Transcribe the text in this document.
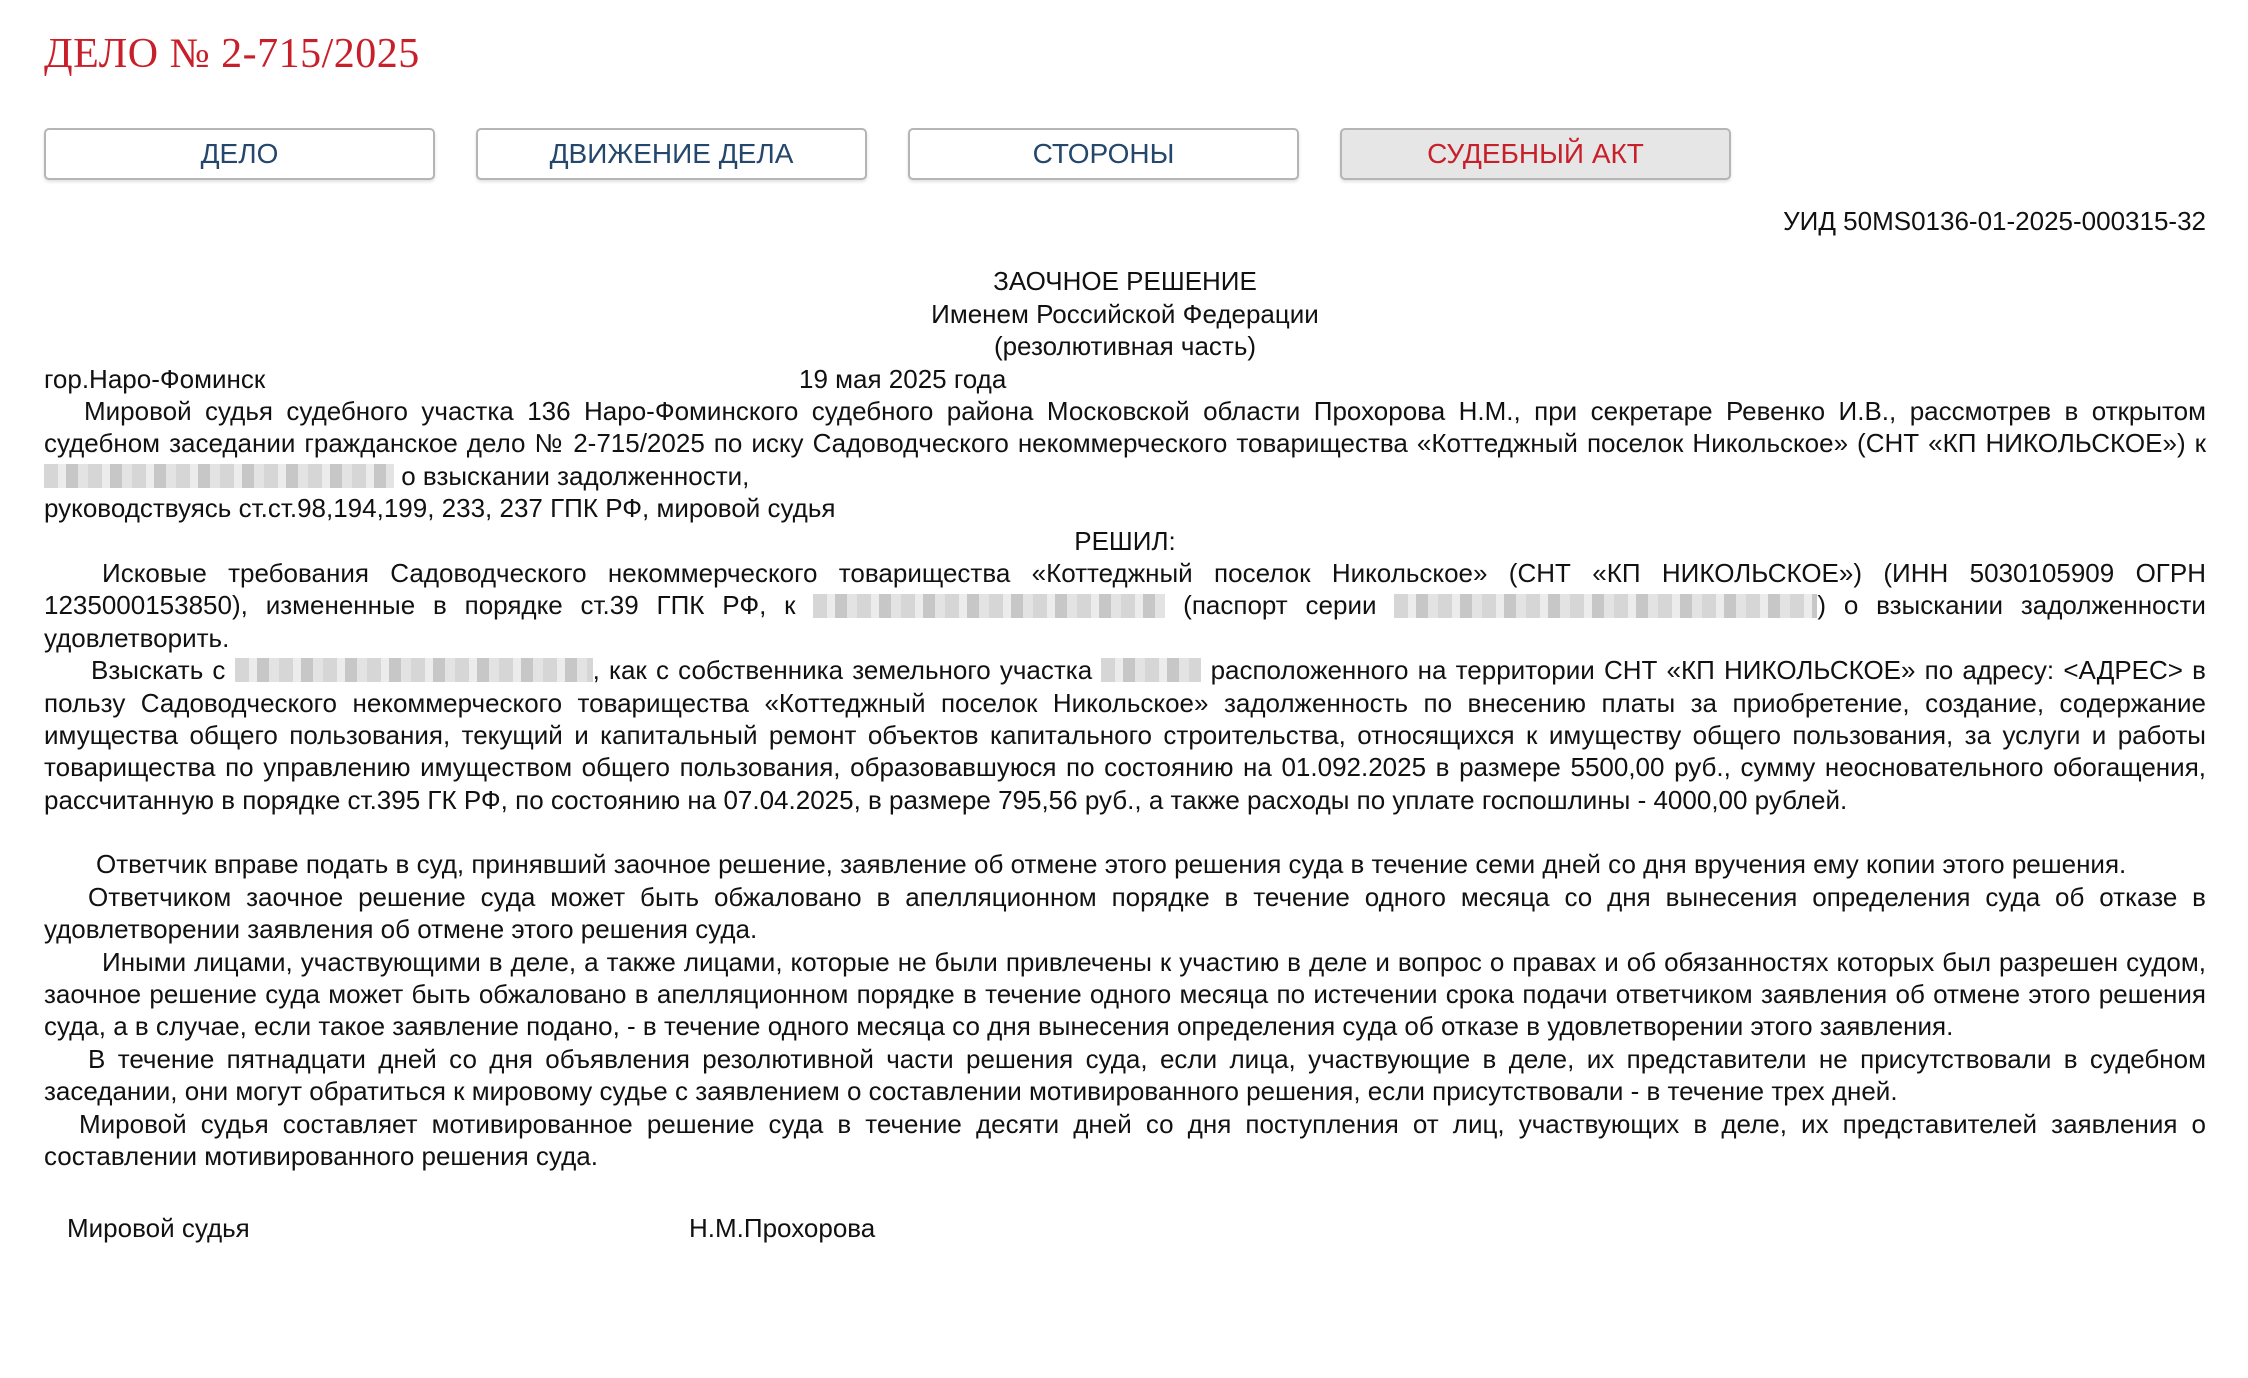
ДЕЛО № 2-715/2025
ДЕЛО	ДВИЖЕНИЕ ДЕЛА	СТОРОНЫ	СУДЕБНЫЙ АКТ
УИД 50MS0136-01-2025-000315-32
ЗАОЧНОЕ РЕШЕНИЕ
Именем Российской Федерации
(резолютивная часть)
гор.Наро-Фоминск	19 мая 2025 года

Мировой судья судебного участка 136 Наро-Фоминского судебного района Московской области Прохорова Н.М., при секретаре Ревенко И.В., рассмотрев в открытом судебном заседании гражданское дело № 2-715/2025 по иску Садоводческого некоммерческого товарищества «Коттеджный поселок Никольское» (СНТ «КП НИКОЛЬСКОЕ») к  о взыскании задолженности,

руководствуясь ст.ст.98,194,199, 233, 237 ГПК РФ, мировой судья

РЕШИЛ:

Исковые требования Садоводческого некоммерческого товарищества «Коттеджный поселок Никольское» (СНТ «КП НИКОЛЬСКОЕ») (ИНН 5030105909 ОГРН 1235000153850), измененные в порядке ст.39 ГПК РФ, к	(паспорт серии	) о взыскании задолженности удовлетворить.

Взыскать с	, как с собственника земельного участка	расположенного на территории СНТ «КП НИКОЛЬСКОЕ» по адресу: <АДРЕС> в пользу Садоводческого некоммерческого товарищества «Коттеджный поселок Никольское» задолженность по внесению платы за приобретение, создание, содержание имущества общего пользования, текущий и капитальный ремонт объектов капитального строительства, относящихся к имуществу общего пользования, за услуги и работы товарищества по управлению имуществом общего пользования, образовавшуюся по состоянию на 01.092.2025 в размере 5500,00 руб., сумму неосновательного обогащения, рассчитанную в порядке ст.395 ГК РФ, по состоянию на 07.04.2025, в размере 795,56 руб., а также расходы по уплате госпошлины - 4000,00 рублей.

Ответчик вправе подать в суд, принявший заочное решение, заявление об отмене этого решения суда в течение семи дней со дня вручения ему копии этого решения.

Ответчиком заочное решение суда может быть обжаловано в апелляционном порядке в течение одного месяца со дня вынесения определения суда об отказе в удовлетворении заявления об отмене этого решения суда.

Иными лицами, участвующими в деле, а также лицами, которые не были привлечены к участию в деле и вопрос о правах и об обязанностях которых был разрешен судом, заочное решение суда может быть обжаловано в апелляционном порядке в течение одного месяца по истечении срока подачи ответчиком заявления об отмене этого решения суда, а в случае, если такое заявление подано, - в течение одного месяца со дня вынесения определения суда об отказе в удовлетворении этого заявления.

В течение пятнадцати дней со дня объявления резолютивной части решения суда, если лица, участвующие в деле, их представители не присутствовали в судебном заседании, они могут обратиться к мировому судье с заявлением о составлении мотивированного решения, если присутствовали - в течение трех дней.

Мировой судья составляет мотивированное решение суда в течение десяти дней со дня поступления от лиц, участвующих в деле, их представителей заявления о составлении мотивированного решения суда.

Мировой судья	Н.М.Прохорова
